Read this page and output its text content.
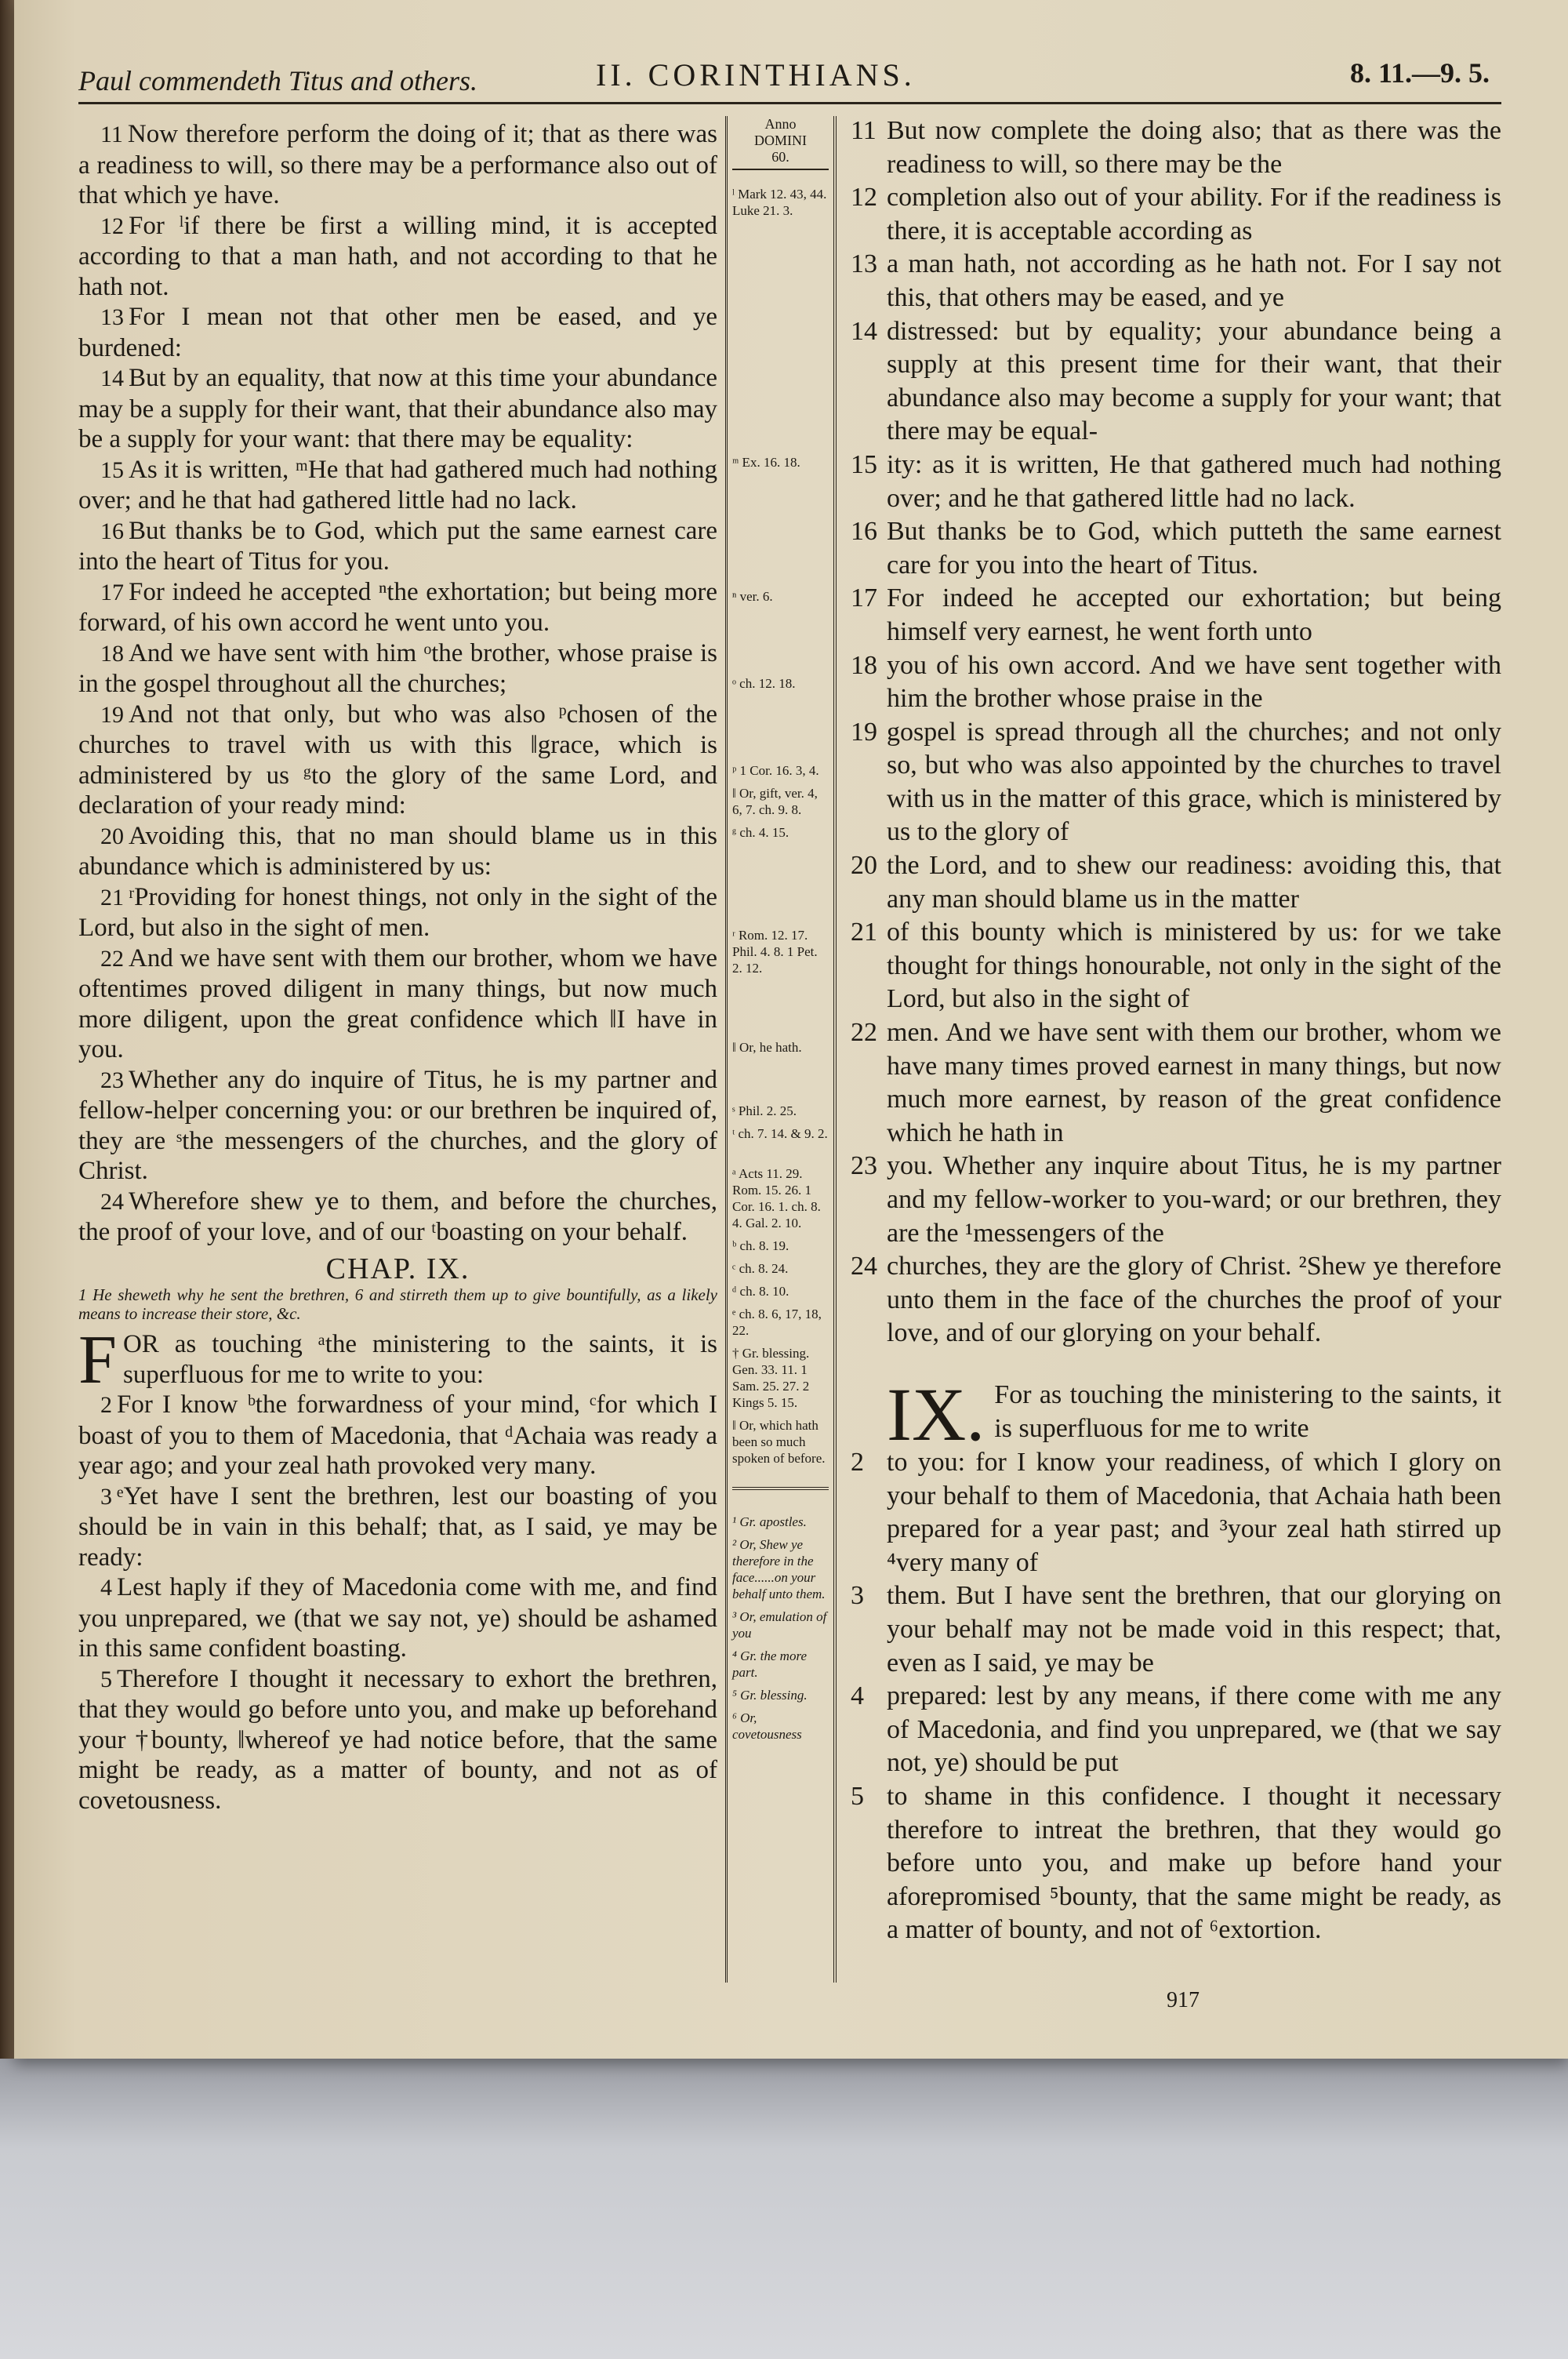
Paul commendeth Titus and others.	II. CORINTHIANS.	8. 11.—9. 5.

11 Now therefore perform the doing of it; that as there was a readiness to will, so there may be a performance also out of that which ye have.

12 For ˡif there be first a willing mind, it is accepted according to that a man hath, and not according to that he hath not.

13 For I mean not that other men be eased, and ye burdened:

14 But by an equality, that now at this time your abundance may be a supply for their want, that their abundance also may be a supply for your want: that there may be equality:

15 As it is written, ᵐHe that had gathered much had nothing over; and he that had gathered little had no lack.

16 But thanks be to God, which put the same earnest care into the heart of Titus for you.

17 For indeed he accepted ⁿthe exhortation; but being more forward, of his own accord he went unto you.

18 And we have sent with him ᵒthe brother, whose praise is in the gospel throughout all the churches;

19 And not that only, but who was also ᵖchosen of the churches to travel with us with this ‖grace, which is administered by us ᵍto the glory of the same Lord, and declaration of your ready mind:

20 Avoiding this, that no man should blame us in this abundance which is administered by us:

21 ʳProviding for honest things, not only in the sight of the Lord, but also in the sight of men.

22 And we have sent with them our brother, whom we have oftentimes proved diligent in many things, but now much more diligent, upon the great confidence which ‖I have in you.

23 Whether any do inquire of Titus, he is my partner and fellow-helper concerning you: or our brethren be inquired of, they are ˢthe messengers of the churches, and the glory of Christ.

24 Wherefore shew ye to them, and before the churches, the proof of your love, and of our ᵗboasting on your behalf.

CHAP. IX.

1 He sheweth why he sent the brethren, 6 and stirreth them up to give bountifully, as a likely means to increase their store, &c.

FOR as touching ᵃthe ministering to the saints, it is superfluous for me to write to you:

2 For I know ᵇthe forwardness of your mind, ᶜfor which I boast of you to them of Macedonia, that ᵈAchaia was ready a year ago; and your zeal hath provoked very many.

3 ᵉYet have I sent the brethren, lest our boasting of you should be in vain in this behalf; that, as I said, ye may be ready:

4 Lest haply if they of Macedonia come with me, and find you unprepared, we (that we say not, ye) should be ashamed in this same confident boasting.

5 Therefore I thought it necessary to exhort the brethren, that they would go before unto you, and make up beforehand your †bounty, ‖whereof ye had notice before, that the same might be ready, as a matter of bounty, and not as of covetousness.

Anno
DOMINI
60.
ˡ Mark 12. 43, 44. Luke 21. 3.
ᵐ Ex. 16. 18.
ⁿ ver. 6.
ᵒ ch. 12. 18.
ᵖ 1 Cor. 16. 3, 4.
‖ Or, gift, ver. 4, 6, 7. ch. 9. 8.
ᵍ ch. 4. 15.
ʳ Rom. 12. 17. Phil. 4. 8. 1 Pet. 2. 12.
‖ Or, he hath.
ˢ Phil. 2. 25.
ᵗ ch. 7. 14. & 9. 2.
ᵃ Acts 11. 29. Rom. 15. 26. 1 Cor. 16. 1. ch. 8. 4. Gal. 2. 10.
ᵇ ch. 8. 19.
ᶜ ch. 8. 24.
ᵈ ch. 8. 10.
ᵉ ch. 8. 6, 17, 18, 22.
† Gr. blessing. Gen. 33. 11. 1 Sam. 25. 27. 2 Kings 5. 15.
‖ Or, which hath been so much spoken of before.
¹ Gr. apostles.
² Or, Shew ye therefore in the face......on your behalf unto them.
³ Or, emulation of you
⁴ Gr. the more part.
⁵ Gr. blessing.
⁶ Or, covetousness

11 But now complete the doing also; that as there was the readiness to will, so there may be the

12 completion also out of your ability. For if the readiness is there, it is acceptable according as

13 a man hath, not according as he hath not. For I say not this, that others may be eased, and ye

14 distressed: but by equality; your abundance being a supply at this present time for their want, that their abundance also may become a supply for your want; that there may be equal-

15 ity: as it is written, He that gathered much had nothing over; and he that gathered little had no lack.

16 But thanks be to God, which putteth the same earnest care for you into the heart of Titus.

17 For indeed he accepted our exhortation; but being himself very earnest, he went forth unto

18 you of his own accord. And we have sent together with him the brother whose praise in the

19 gospel is spread through all the churches; and not only so, but who was also appointed by the churches to travel with us in the matter of this grace, which is ministered by us to the glory of

20 the Lord, and to shew our readiness: avoiding this, that any man should blame us in the matter

21 of this bounty which is ministered by us: for we take thought for things honourable, not only in the sight of the Lord, but also in the sight of

22 men. And we have sent with them our brother, whom we have many times proved earnest in many things, but now much more earnest, by reason of the great confidence which he hath in

23 you. Whether any inquire about Titus, he is my partner and my fellow-worker to you-ward; or our brethren, they are the ¹messengers of the

24 churches, they are the glory of Christ. ²Shew ye therefore unto them in the face of the churches the proof of your love, and of our glorying on your behalf.

IX. For as touching the ministering to the saints, it is superfluous for me to write

2 to you: for I know your readiness, of which I glory on your behalf to them of Macedonia, that Achaia hath been prepared for a year past; and ³your zeal hath stirred up ⁴very many of

3 them. But I have sent the brethren, that our glorying on your behalf may not be made void in this respect; that, even as I said, ye may be

4 prepared: lest by any means, if there come with me any of Macedonia, and find you unprepared, we (that we say not, ye) should be put

5 to shame in this confidence. I thought it necessary therefore to intreat the brethren, that they would go before unto you, and make up before hand your aforepromised ⁵bounty, that the same might be ready, as a matter of bounty, and not of ⁶extortion.

917
